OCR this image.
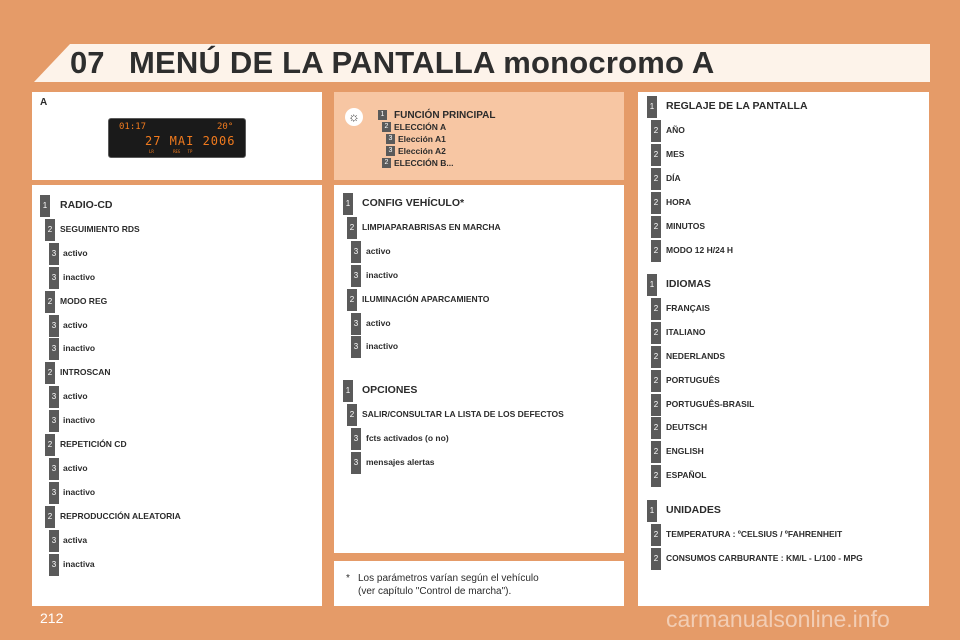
07 MENÚ DE LA PANTALLA monocromo A
A
01:17	20°
27 MAI 2006
LR        REG   TP
☼	1 FUNCIÓN PRINCIPAL
2 ELECCIÓN A
3 Elección A1
3 Elección A2
2 ELECCIÓN B...
1 RADIO-CD
2 SEGUIMIENTO RDS
3 activo
3 inactivo
2 MODO REG
3 activo
3 inactivo
2 INTROSCAN
3 activo
3 inactivo
2 REPETICIÓN CD
3 activo
3 inactivo
2 REPRODUCCIÓN ALEATORIA
3 activa
3 inactiva
1 CONFIG VEHÍCULO*
2 LIMPIAPARABRISAS EN MARCHA
3 activo
3 inactivo
2 ILUMINACIÓN APARCAMIENTO
3 activo
3 inactivo
1 OPCIONES
2 SALIR/CONSULTAR LA LISTA DE LOS DEFECTOS
3 fcts activados (o no)
3 mensajes alertas
1 REGLAJE DE LA PANTALLA
2 AÑO
2 MES
2 DÍA
2 HORA
2 MINUTOS
2 MODO 12 H/24 H
1 IDIOMAS
2 FRANÇAIS
2 ITALIANO
2 NEDERLANDS
2 PORTUGUÊS
2 PORTUGUÊS-BRASIL
2 DEUTSCH
2 ENGLISH
2 ESPAÑOL
1 UNIDADES
2 TEMPERATURA : ºCELSIUS / ºFAHRENHEIT
2 CONSUMOS CARBURANTE : KM/L - L/100 - MPG
* Los parámetros varían según el vehículo
(ver capítulo "Control de marcha").
212	carmanualsonline.info
